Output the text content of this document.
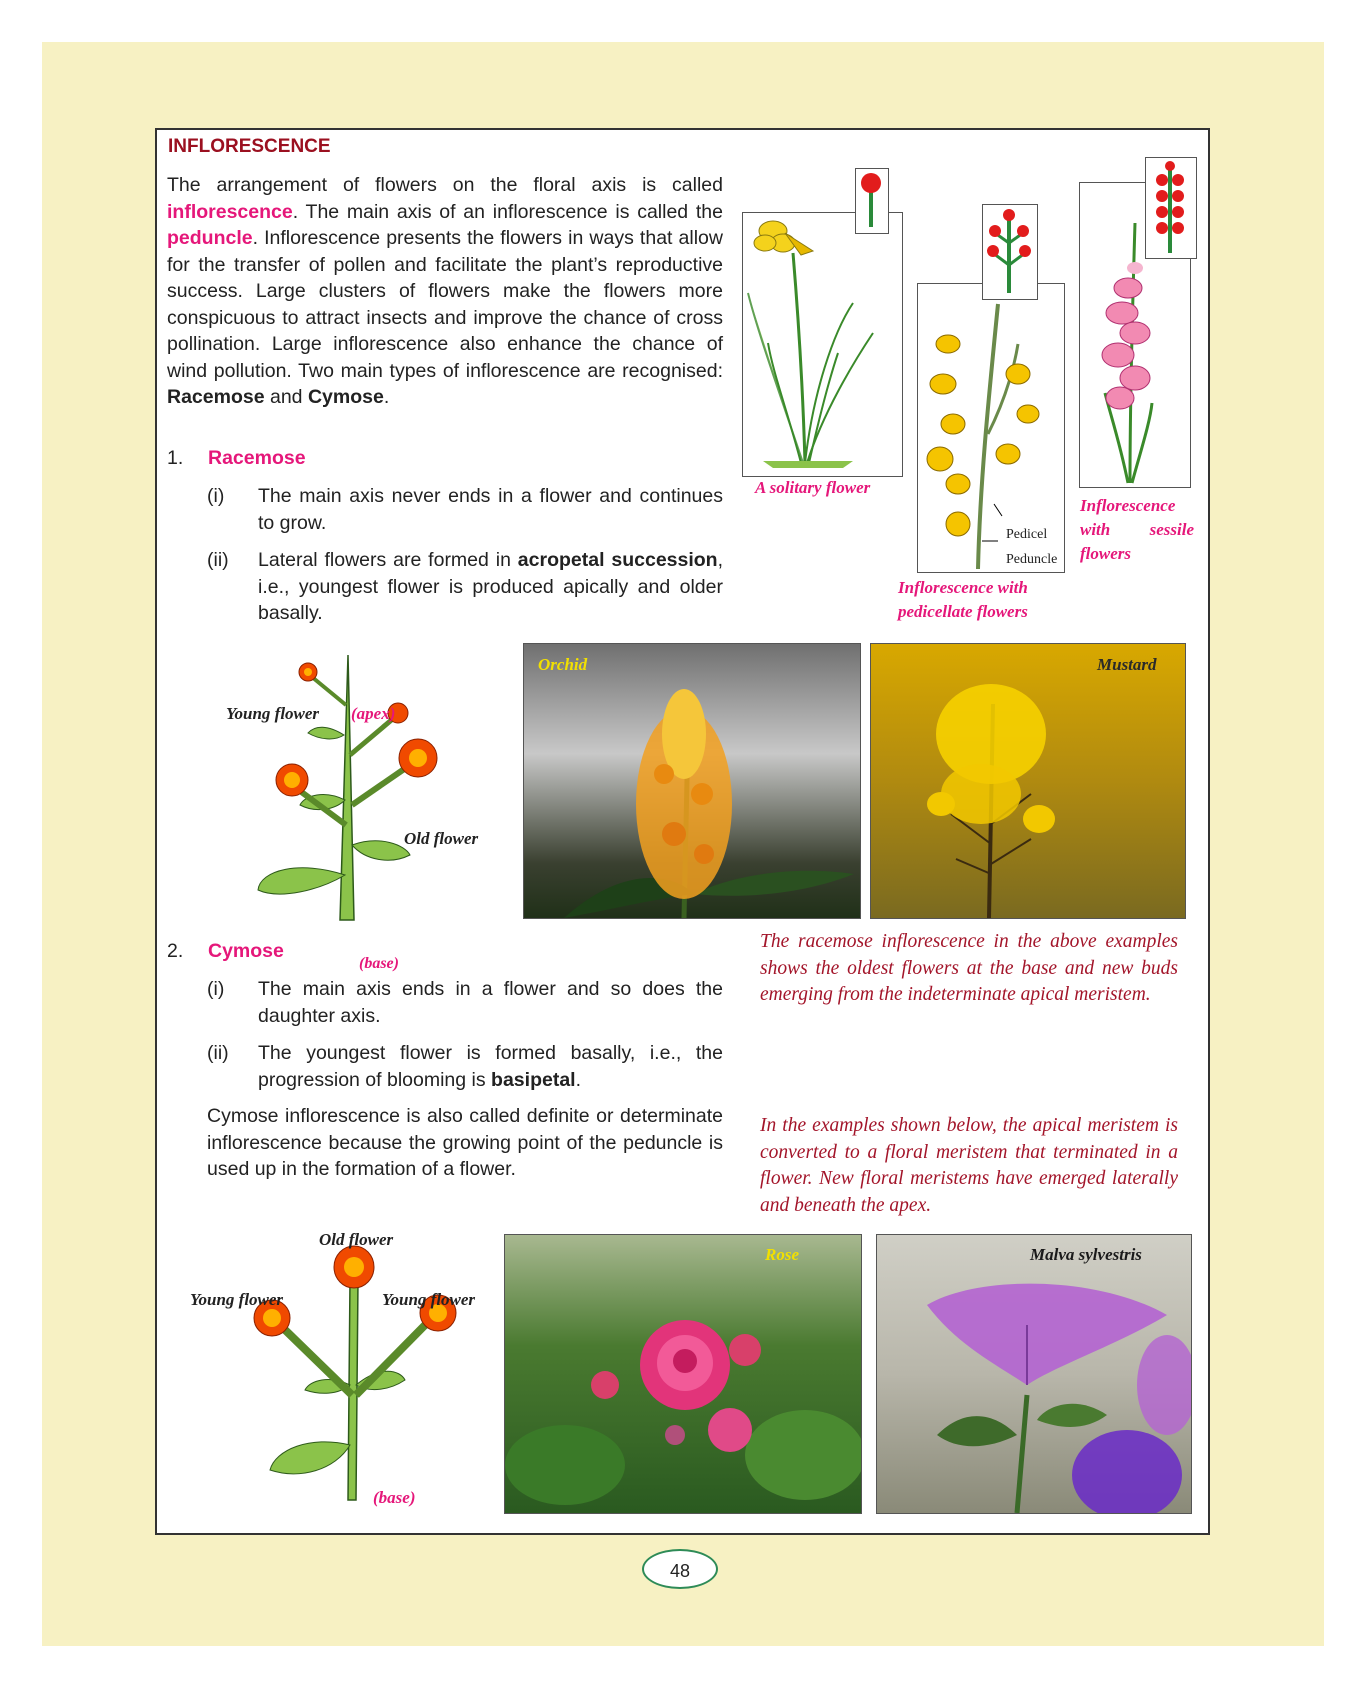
INFLORESCENCE
The arrangement of flowers on the floral axis is called inflorescence. The main axis of an inflorescence is called the peduncle. Inflorescence presents the flowers in ways that allow for the transfer of pollen and facilitate the plant’s reproductive success. Large clusters of flowers make the flowers more conspicuous to attract insects and improve the chance of cross pollination. Large inflorescence also enhance the chance of wind pollution. Two main types of inflorescence are recognised: Racemose and Cymose.
1. Racemose
(i) The main axis never ends in a flower and continues to grow.
(ii) Lateral flowers are formed in acropetal succession, i.e., youngest flower is produced apically and older basally.
2. Cymose
(i) The main axis ends in a flower and so does the daughter axis.
(ii) The youngest flower is formed basally, i.e., the progression of blooming is basipetal.
Cymose inflorescence is also called definite or determinate inflorescence because the growing point of the peduncle is used up in the formation of a flower.
A solitary flower
Pedicel
Peduncle
Inflorescence with pedicellate flowers
Inflorescence with sessile flowers
Young flower (apex)
Old flower
(base)
Orchid	Mustard
The racemose inflorescence in the above examples shows the oldest flowers at the base and new buds emerging from the indeterminate apical meristem.
In the examples shown below, the apical meristem is converted to a floral meristem that terminated in a flower. New floral meristems have emerged laterally and beneath the apex.
Old flower
Young flower	Young flower
(base)
Rose	Malva sylvestris
48
